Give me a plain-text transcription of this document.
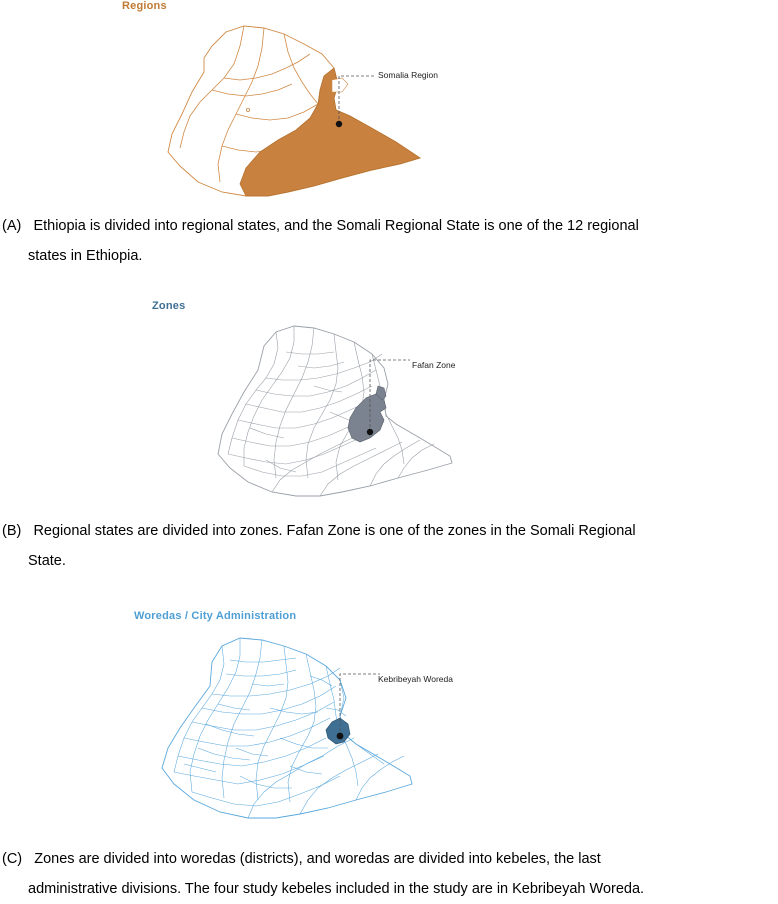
Regions
Somalia Region
(A) Ethiopia is divided into regional states, and the Somali Regional State is one of the 12 regional
states in Ethiopia.
Zones
Fafan Zone
(B) Regional states are divided into zones. Fafan Zone is one of the zones in the Somali Regional
State.
Woredas / City Administration
Kebribeyah Woreda
(C) Zones are divided into woredas (districts), and woredas are divided into kebeles, the last
administrative divisions. The four study kebeles included in the study are in Kebribeyah Woreda.
